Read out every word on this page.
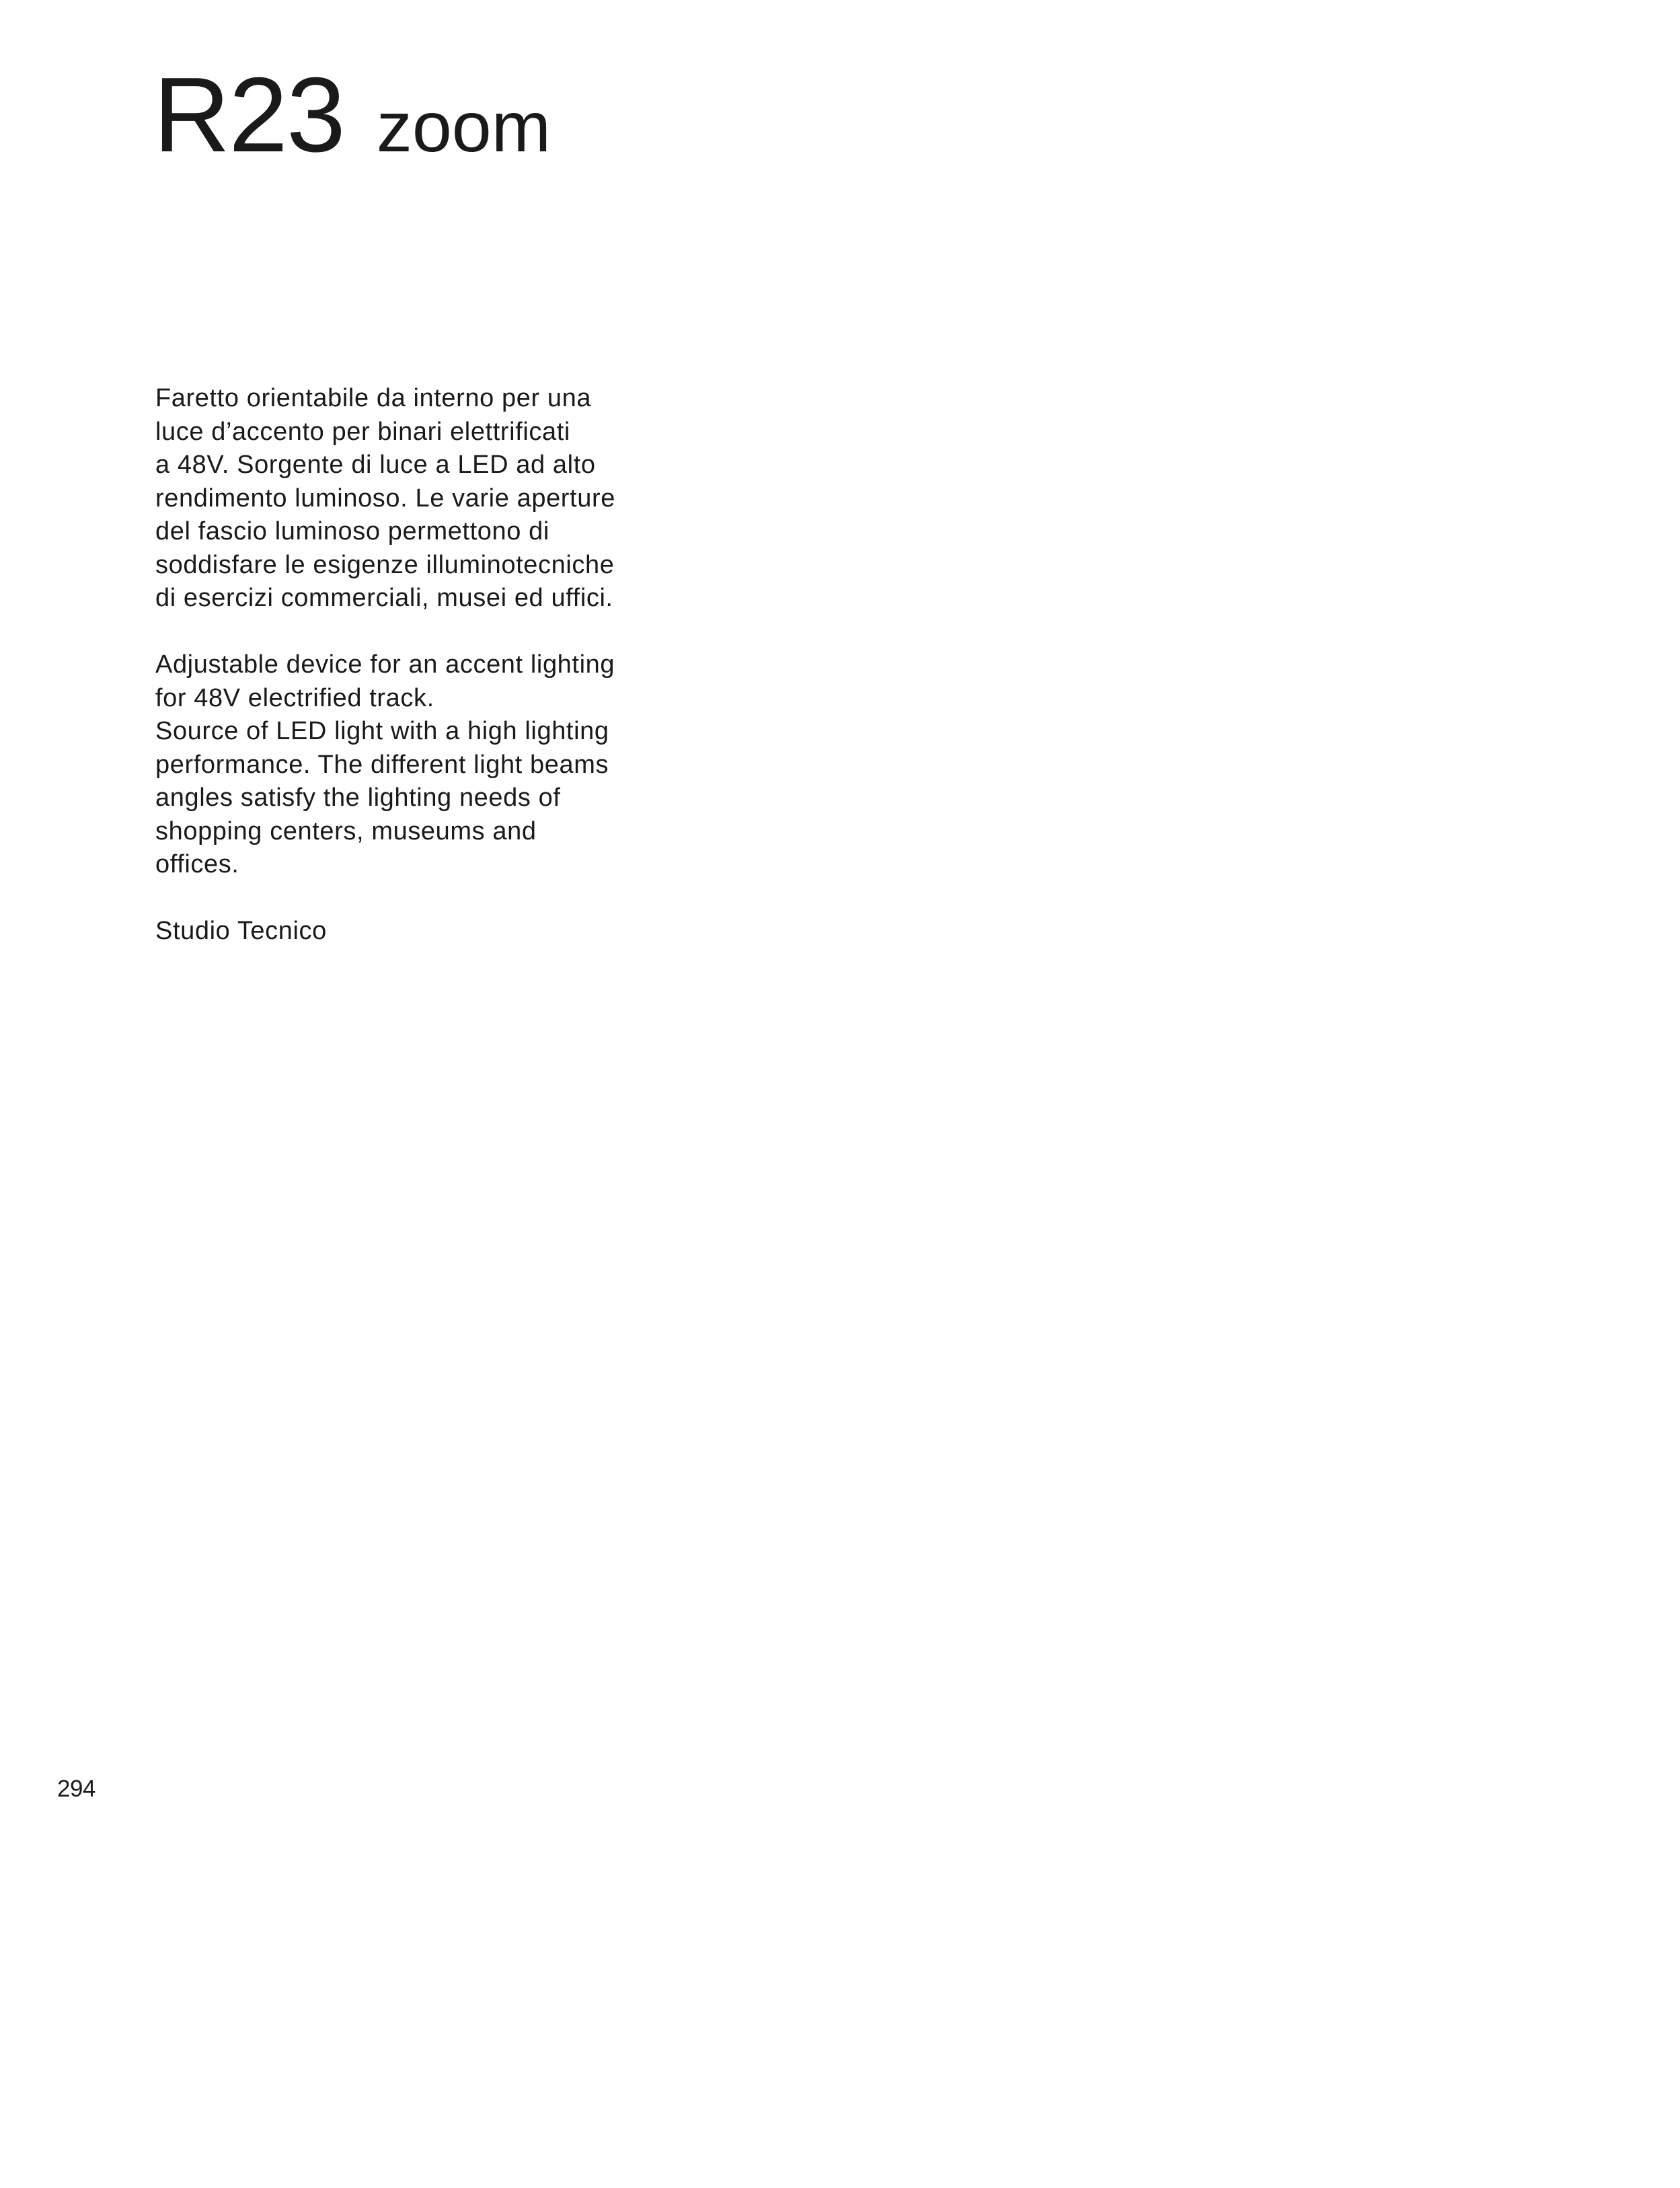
R23 zoom

Faretto orientabile da interno per una
luce d’accento per binari elettrificati
a 48V. Sorgente di luce a LED ad alto
rendimento luminoso. Le varie aperture
del fascio luminoso permettono di
soddisfare le esigenze illuminotecniche
di esercizi commerciali, musei ed uffici.

Adjustable device for an accent lighting
for 48V electrified track.
Source of LED light with a high lighting
performance. The different light beams
angles satisfy the lighting needs of
shopping centers, museums and
offices.

Studio Tecnico

294
